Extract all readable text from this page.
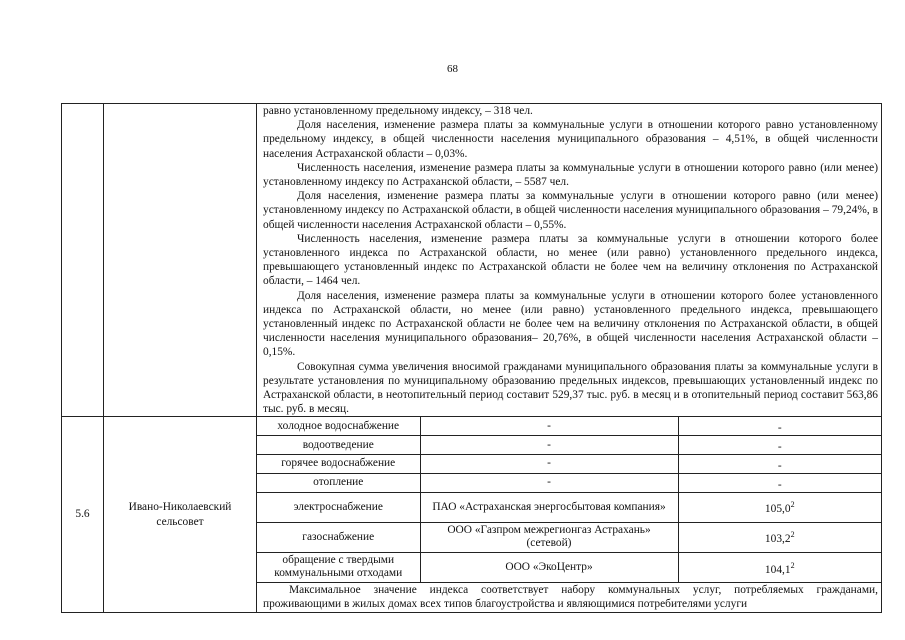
68

равно установленному предельному индексу, – 318 чел.

Доля населения, изменение размера платы за коммунальные услуги в отношении которого равно установленному предельному индексу, в общей численности населения муниципального образования – 4,51%, в общей численности населения Астраханской области – 0,03%.

Численность населения, изменение размера платы за коммунальные услуги в отношении которого равно (или менее) установленному индексу по Астраханской области, – 5587 чел.

Доля населения, изменение размера платы за коммунальные услуги в отношении которого равно (или менее) установленному индексу по Астраханской области, в общей численности населения муниципального образования – 79,24%, в общей численности населения Астраханской области – 0,55%.

Численность населения, изменение размера платы за коммунальные услуги в отношении которого более установленного индекса по Астраханской области, но менее (или равно) установленного предельного индекса, превышающего установленный индекс по Астраханской области не более чем на величину отклонения по Астраханской области, – 1464 чел.

Доля населения, изменение размера платы за коммунальные услуги в отношении которого более установленного индекса по Астраханской области, но менее (или равно) установленного предельного индекса, превышающего установленный индекс по Астраханской области не более чем на величину отклонения по Астраханской области, в общей численности населения муниципального образования– 20,76%, в общей численности населения Астраханской области – 0,15%.

Совокупная сумма увеличения вносимой гражданами муниципального образования платы за коммунальные услуги в результате установления по муниципальному образованию предельных индексов, превышающих установленный индекс по Астраханской области, в неотопительный период составит 529,37 тыс. руб. в месяц и в отопительный период составит 563,86 тыс. руб. в месяц.

5.6	Ивано-Николаевский сельсовет	
холодное водоснабжение	-	-
водоотведение	-	-
горячее водоснабжение	-	-
отопление	-	-
электроснабжение	ПАО «Астраханская энергосбытовая компания»	105,0$^2$
газоснабжение	ООО «Газпром межрегионгаз Астрахань» (сетевой)	103,2$^2$
обращение с твердыми коммунальными отходами	ООО «ЭкоЦентр»	104,1$^2$

Максимальное значение индекса соответствует набору коммунальных услуг, потребляемых гражданами, проживающими в жилых домах всех типов благоустройства и являющимися потребителями услуги
